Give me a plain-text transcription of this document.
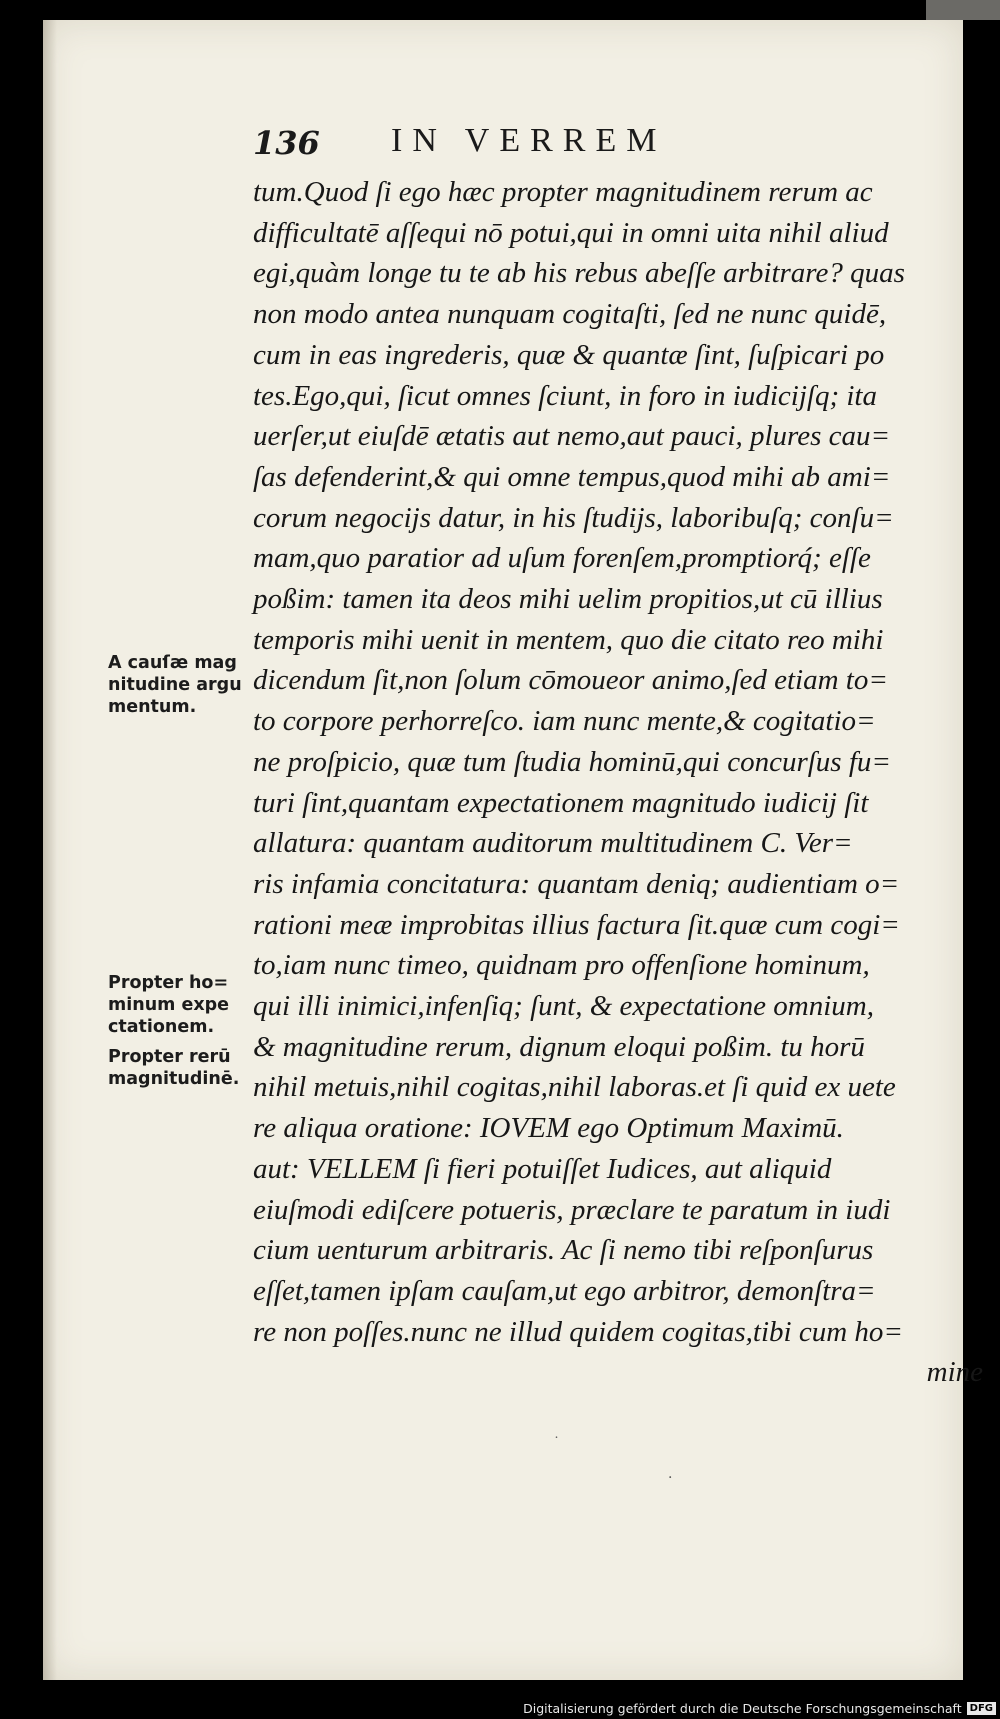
136 IN VERREM
tum.Quod ſi ego hæc propter magnitudinem rerum ac
difficultatē aſſequi nō potui,qui in omni uita nihil aliud
egi,quàm longe tu te ab his rebus abeſſe arbitrare? quas
non modo antea nunquam cogitaſti, ſed ne nunc quidē,
cum in eas ingrederis, quæ & quantæ ſint, ſuſpicari po
tes.Ego,qui, ſicut omnes ſciunt, in foro in iudicijſq; ita
uerſer,ut eiuſdē ætatis aut nemo,aut pauci, plures cau=
ſas defenderint,& qui omne tempus,quod mihi ab ami=
corum negocijs datur, in his ſtudijs, laboribuſq; conſu=
mam,quo paratior ad uſum forenſem,promptiorq́; eſſe
poßim: tamen ita deos mihi uelim propitios,ut cū illius
temporis mihi uenit in mentem, quo die citato reo mihi
dicendum ſit,non ſolum cōmoueor animo,ſed etiam to=
to corpore perhorreſco. iam nunc mente,& cogitatio=
ne proſpicio, quæ tum ſtudia hominū,qui concurſus fu=
turi ſint,quantam expectationem magnitudo iudicij ſit
allatura: quantam auditorum multitudinem C. Ver=
ris infamia concitatura: quantam deniq; audientiam o=
rationi meæ improbitas illius factura ſit.quæ cum cogi=
to,iam nunc timeo, quidnam pro offenſione hominum,
qui illi inimici,infenſiq; ſunt, & expectatione omnium,
& magnitudine rerum, dignum eloqui poßim. tu horū
nihil metuis,nihil cogitas,nihil laboras.et ſi quid ex uete
re aliqua oratione: IOVEM ego Optimum Maximū.
aut: VELLEM ſi fieri potuiſſet Iudices, aut aliquid
eiuſmodi ediſcere potueris, præclare te paratum in iudi
cium uenturum arbitraris. Ac ſi nemo tibi reſponſurus
eſſet,tamen ipſam cauſam,ut ego arbitror, demonſtra=
re non poſſes.nunc ne illud quidem cogitas,tibi cum ho=
mine
A cauſæ mag
nitudine argu
mentum.
Propter ho=
minum expe
ctationem.
Propter rerū
magnitudinē.
˙
·
Digitalisierung gefördert durch die Deutsche Forschungsgemeinschaft DFG
